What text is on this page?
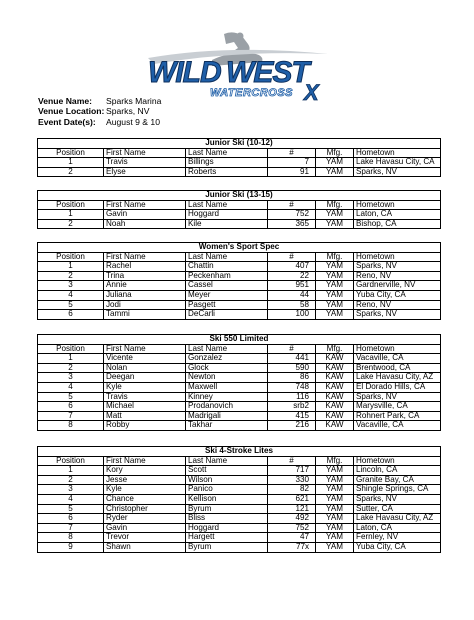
WILD WEST
WATERCROSS X
Venue Name:	Sparks Marina
Venue Location: Sparks, NV
Event Date(s):	August 9 & 10
Junior Ski (10-12)					
Position	First Name	Last Name	#	Mfg.	Hometown
1	Travis	Billings	7	YAM	Lake Havasu City, CA
2	Elyse	Roberts	91	YAM	Sparks, NV
Junior Ski (13-15)					
Position	First Name	Last Name	#	Mfg.	Hometown
1	Gavin	Hoggard	752	YAM	Laton, CA
2	Noah	Kile	365	YAM	Bishop, CA
Women's Sport Spec					
Position	First Name	Last Name	#	Mfg.	Hometown
1	Rachel	Chattin	407	YAM	Sparks, NV
2	Trina	Peckenham	22	YAM	Reno, NV
3	Annie	Cassel	951	YAM	Gardnerville, NV
4	Juliana	Meyer	44	YAM	Yuba City, CA
5	Jodi	Pasgett	58	YAM	Reno, NV
6	Tammi	DeCarli	100	YAM	Sparks, NV
Ski 550 Limited					
Position	First Name	Last Name	#	Mfg.	Hometown
1	Vicente	Gonzalez	441	KAW	Vacaville, CA
2	Nolan	Glock	590	KAW	Brentwood, CA
3	Deegan	Newton	86	KAW	Lake Havasu City, AZ
4	Kyle	Maxwell	748	KAW	El Dorado Hills, CA
5	Travis	Kinney	116	KAW	Sparks, NV
6	Michael	Prodanovich	srb2	KAW	Marysville, CA
7	Matt	Madrigali	415	KAW	Rohnert Park, CA
8	Robby	Takhar	216	KAW	Vacaville, CA
Ski 4-Stroke Lites					
Position	First Name	Last Name	#	Mfg.	Hometown
1	Kory	Scott	717	YAM	Lincoln, CA
2	Jesse	Wilson	330	YAM	Granite Bay, CA
3	Kyle	Panico	82	YAM	Shingle Springs, CA
4	Chance	Kellison	621	YAM	Sparks, NV
5	Christopher	Byrum	121	YAM	Sutter, CA
6	Ryder	Bliss	492	YAM	Lake Havasu City, AZ
7	Gavin	Hoggard	752	YAM	Laton, CA
8	Trevor	Hargett	47	YAM	Fernley, NV
9	Shawn	Byrum	77x	YAM	Yuba City, CA
